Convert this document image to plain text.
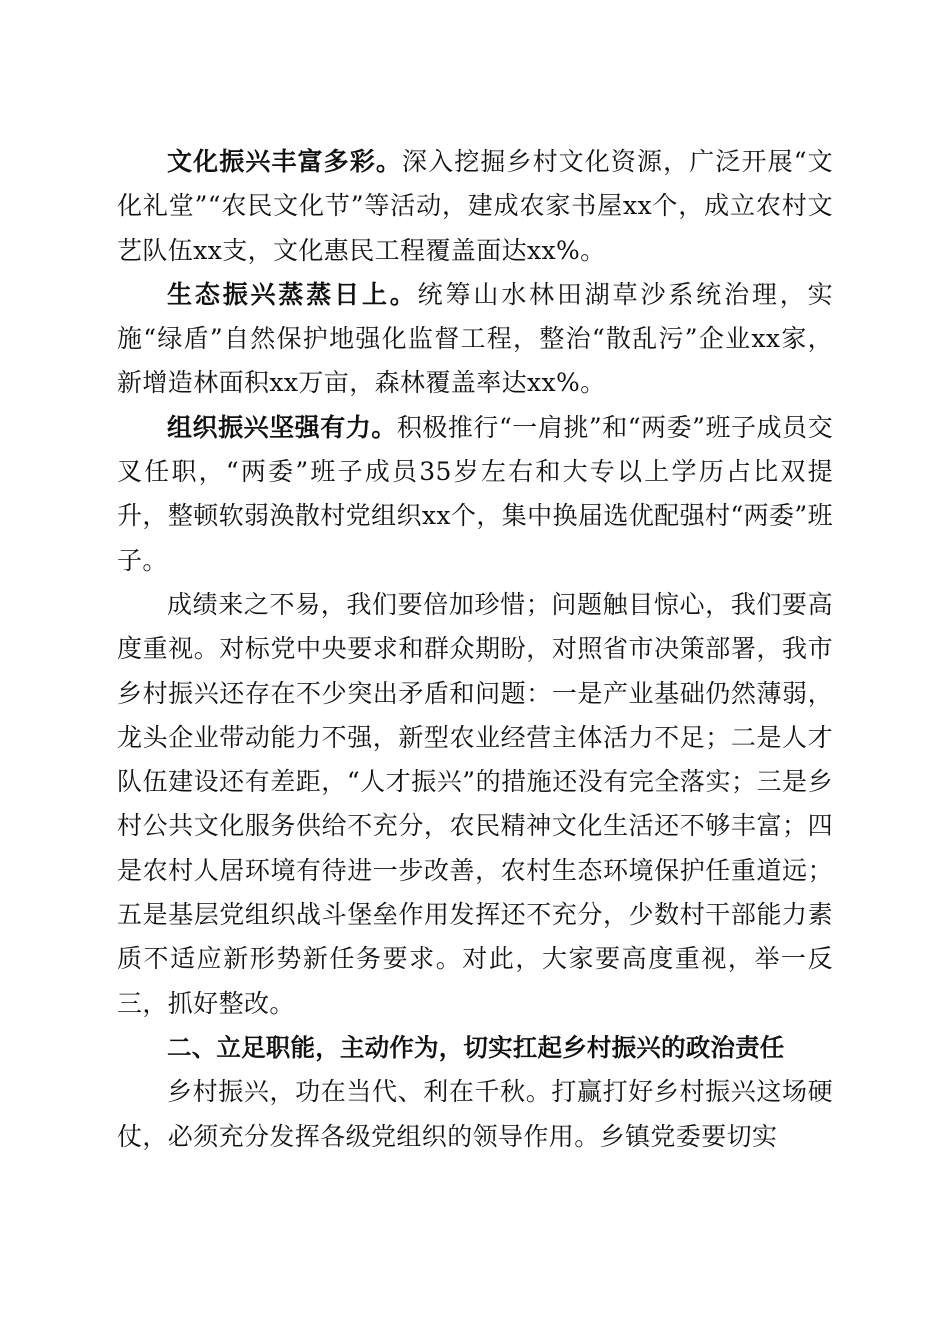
文化振兴丰富多彩。深入挖掘乡村文化资源，广泛开展“文化礼堂”“农民文化节”等活动，建成农家书屋xx个，成立农村文艺队伍xx支，文化惠民工程覆盖面达xx%。

生态振兴蒸蒸日上。统筹山水林田湖草沙系统治理，实施“绿盾”自然保护地强化监督工程，整治“散乱污”企业xx家，新增造林面积xx万亩，森林覆盖率达xx%。

组织振兴坚强有力。积极推行“一肩挑”和“两委”班子成员交叉任职，“两委”班子成员35岁左右和大专以上学历占比双提升，整顿软弱涣散村党组织xx个，集中换届选优配强村“两委”班子。

成绩来之不易，我们要倍加珍惜；问题触目惊心，我们要高度重视。对标党中央要求和群众期盼，对照省市决策部署，我市乡村振兴还存在不少突出矛盾和问题：一是产业基础仍然薄弱，龙头企业带动能力不强，新型农业经营主体活力不足；二是人才队伍建设还有差距，“人才振兴”的措施还没有完全落实；三是乡村公共文化服务供给不充分，农民精神文化生活还不够丰富；四是农村人居环境有待进一步改善，农村生态环境保护任重道远；五是基层党组织战斗堡垒作用发挥还不充分，少数村干部能力素质不适应新形势新任务要求。对此，大家要高度重视，举一反三，抓好整改。

二、立足职能，主动作为，切实扛起乡村振兴的政治责任

乡村振兴，功在当代、利在千秋。打赢打好乡村振兴这场硬仗，必须充分发挥各级党组织的领导作用。乡镇党委要切实
